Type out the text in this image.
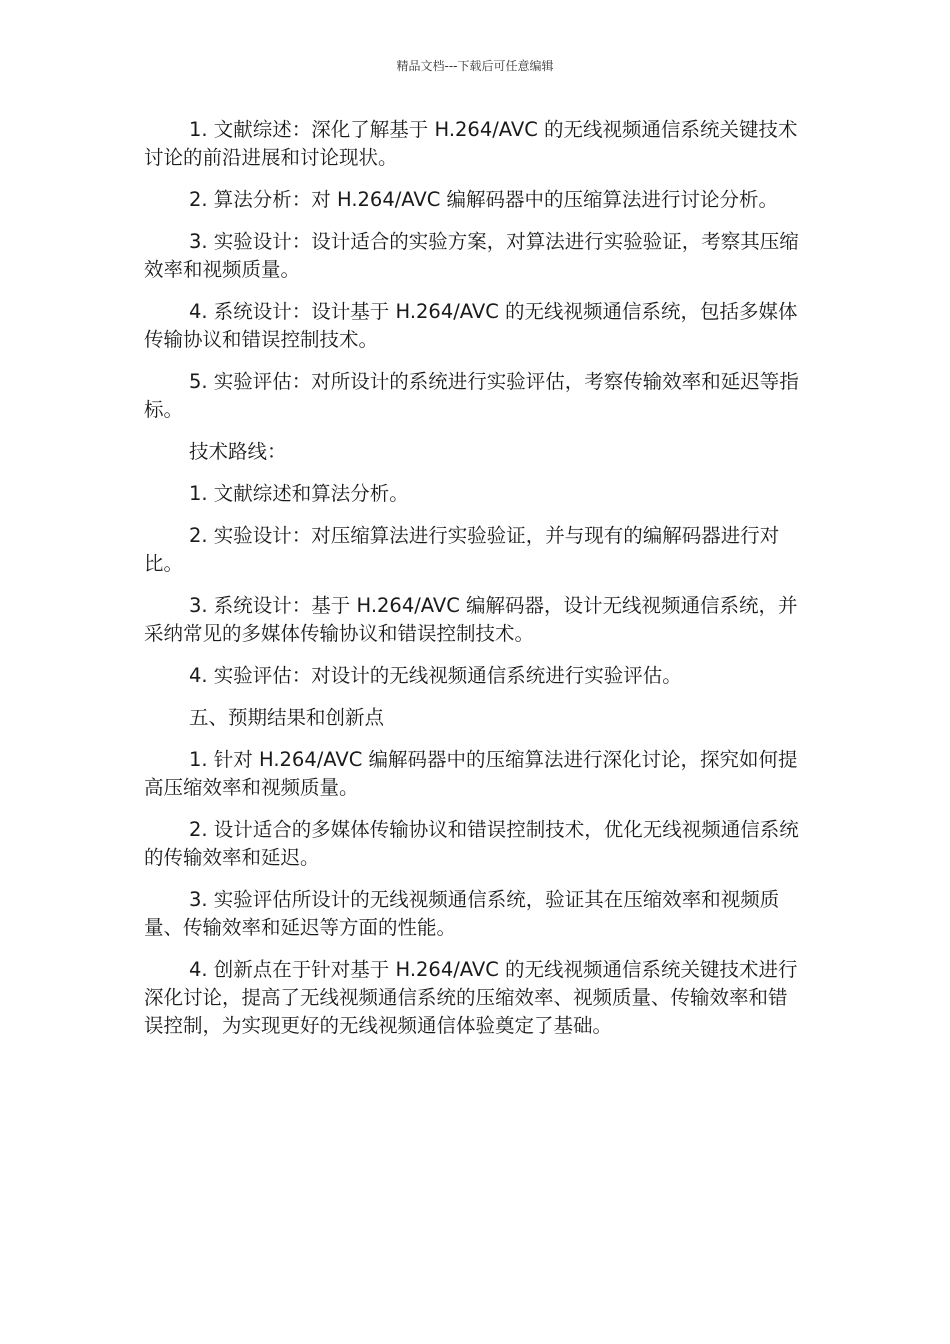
精品文档---下载后可任意编辑

1. 文献综述：深化了解基于 H.264/AVC 的无线视频通信系统关键技术讨论的前沿进展和讨论现状。

2. 算法分析：对 H.264/AVC 编解码器中的压缩算法进行讨论分析。

3. 实验设计：设计适合的实验方案，对算法进行实验验证，考察其压缩效率和视频质量。

4. 系统设计：设计基于 H.264/AVC 的无线视频通信系统，包括多媒体传输协议和错误控制技术。

5. 实验评估：对所设计的系统进行实验评估，考察传输效率和延迟等指标。

技术路线：

1. 文献综述和算法分析。

2. 实验设计：对压缩算法进行实验验证，并与现有的编解码器进行对比。

3. 系统设计：基于 H.264/AVC 编解码器，设计无线视频通信系统，并采纳常见的多媒体传输协议和错误控制技术。

4. 实验评估：对设计的无线视频通信系统进行实验评估。

五、预期结果和创新点

1. 针对 H.264/AVC 编解码器中的压缩算法进行深化讨论，探究如何提高压缩效率和视频质量。

2. 设计适合的多媒体传输协议和错误控制技术，优化无线视频通信系统的传输效率和延迟。

3. 实验评估所设计的无线视频通信系统，验证其在压缩效率和视频质量、传输效率和延迟等方面的性能。

4. 创新点在于针对基于 H.264/AVC 的无线视频通信系统关键技术进行深化讨论，提高了无线视频通信系统的压缩效率、视频质量、传输效率和错误控制，为实现更好的无线视频通信体验奠定了基础。
